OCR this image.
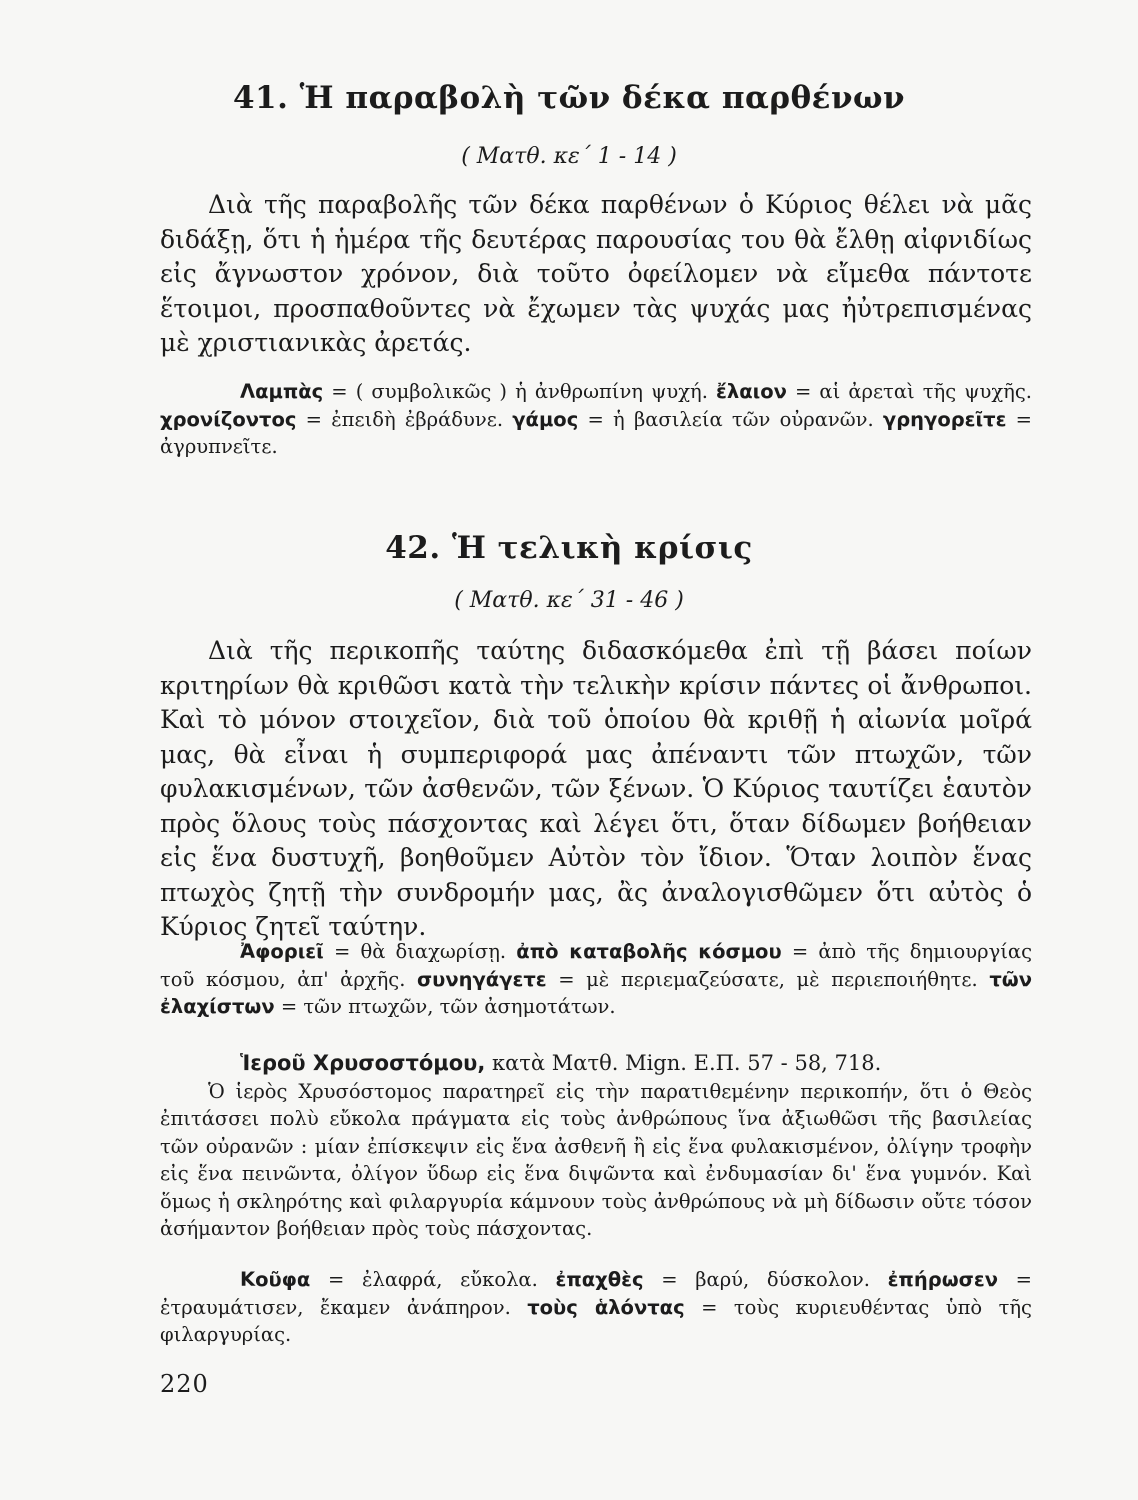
41. Ἡ παραβολὴ τῶν δέκα παρθένων
( Ματθ. κε΄ 1 - 14 )

Διὰ τῆς παραβολῆς τῶν δέκα παρθένων ὁ Κύριος θέλει νὰ μᾶς διδάξῃ, ὅτι ἡ ἡμέρα τῆς δευτέρας παρουσίας του θὰ ἔλθῃ αἰφνιδίως εἰς ἄγνωστον χρόνον, διὰ τοῦτο ὀφείλομεν νὰ εἴμεθα πάντοτε ἕτοιμοι, προσπαθοῦντες νὰ ἔχωμεν τὰς ψυχάς μας ἠὐτρεπισμένας μὲ χριστιανικὰς ἀρετάς.

Λαμπὰς = ( συμβολικῶς ) ἡ ἀνθρωπίνη ψυχή. ἔλαιον = αἱ ἀρεταὶ τῆς ψυχῆς. χρονίζοντος = ἐπειδὴ ἐβράδυνε. γάμος = ἡ βασιλεία τῶν οὐρανῶν. γρηγορεῖτε = ἀγρυπνεῖτε.

42. Ἡ τελικὴ κρίσις
( Ματθ. κε΄ 31 - 46 )

Διὰ τῆς περικοπῆς ταύτης διδασκόμεθα ἐπὶ τῇ βάσει ποίων κριτηρίων θὰ κριθῶσι κατὰ τὴν τελικὴν κρίσιν πάντες οἱ ἄνθρωποι. Καὶ τὸ μόνον στοιχεῖον, διὰ τοῦ ὁποίου θὰ κριθῇ ἡ αἰωνία μοῖρά μας, θὰ εἶναι ἡ συμπεριφορά μας ἀπέναντι τῶν πτωχῶν, τῶν φυλακισμένων, τῶν ἀσθενῶν, τῶν ξένων. Ὁ Κύριος ταυτίζει ἑαυτὸν πρὸς ὅλους τοὺς πάσχοντας καὶ λέγει ὅτι, ὅταν δίδωμεν βοήθειαν εἰς ἕνα δυστυχῆ, βοηθοῦμεν Αὐτὸν τὸν ἴδιον. Ὅταν λοιπὸν ἕνας πτωχὸς ζητῇ τὴν συνδρομήν μας, ἂς ἀναλογισθῶμεν ὅτι αὐτὸς ὁ Κύριος ζητεῖ ταύτην.

Ἀφοριεῖ = θὰ διαχωρίσῃ. ἀπὸ καταβολῆς κόσμου = ἀπὸ τῆς δημιουργίας τοῦ κόσμου, ἀπ' ἀρχῆς. συνηγάγετε = μὲ περιεμαζεύσατε, μὲ περιεποιήθητε. τῶν ἐλαχίστων = τῶν πτωχῶν, τῶν ἀσημοτάτων.

Ἱεροῦ Χρυσοστόμου, κατὰ Ματθ. Mign. Ε.Π. 57 - 58, 718.

Ὁ ἱερὸς Χρυσόστομος παρατηρεῖ εἰς τὴν παρατιθεμένην περικοπήν, ὅτι ὁ Θεὸς ἐπιτάσσει πολὺ εὔκολα πράγματα εἰς τοὺς ἀνθρώπους ἵνα ἀξιωθῶσι τῆς βασιλείας τῶν οὐρανῶν : μίαν ἐπίσκεψιν εἰς ἕνα ἀσθενῆ ἢ εἰς ἕνα φυλακισμένον, ὀλίγην τροφὴν εἰς ἕνα πεινῶντα, ὀλίγον ὕδωρ εἰς ἕνα διψῶντα καὶ ἐνδυμασίαν δι' ἕνα γυμνόν. Καὶ ὅμως ἡ σκληρότης καὶ φιλαργυρία κάμνουν τοὺς ἀνθρώπους νὰ μὴ δίδωσιν οὔτε τόσον ἀσήμαντον βοήθειαν πρὸς τοὺς πάσχοντας.

Κοῦφα = ἐλαφρά, εὔκολα. ἐπαχθὲς = βαρύ, δύσκολον. ἐπήρωσεν = ἐτραυμάτισεν, ἔκαμεν ἀνάπηρον. τοὺς ἁλόντας = τοὺς κυριευθέντας ὑπὸ τῆς φιλαργυρίας.

220
